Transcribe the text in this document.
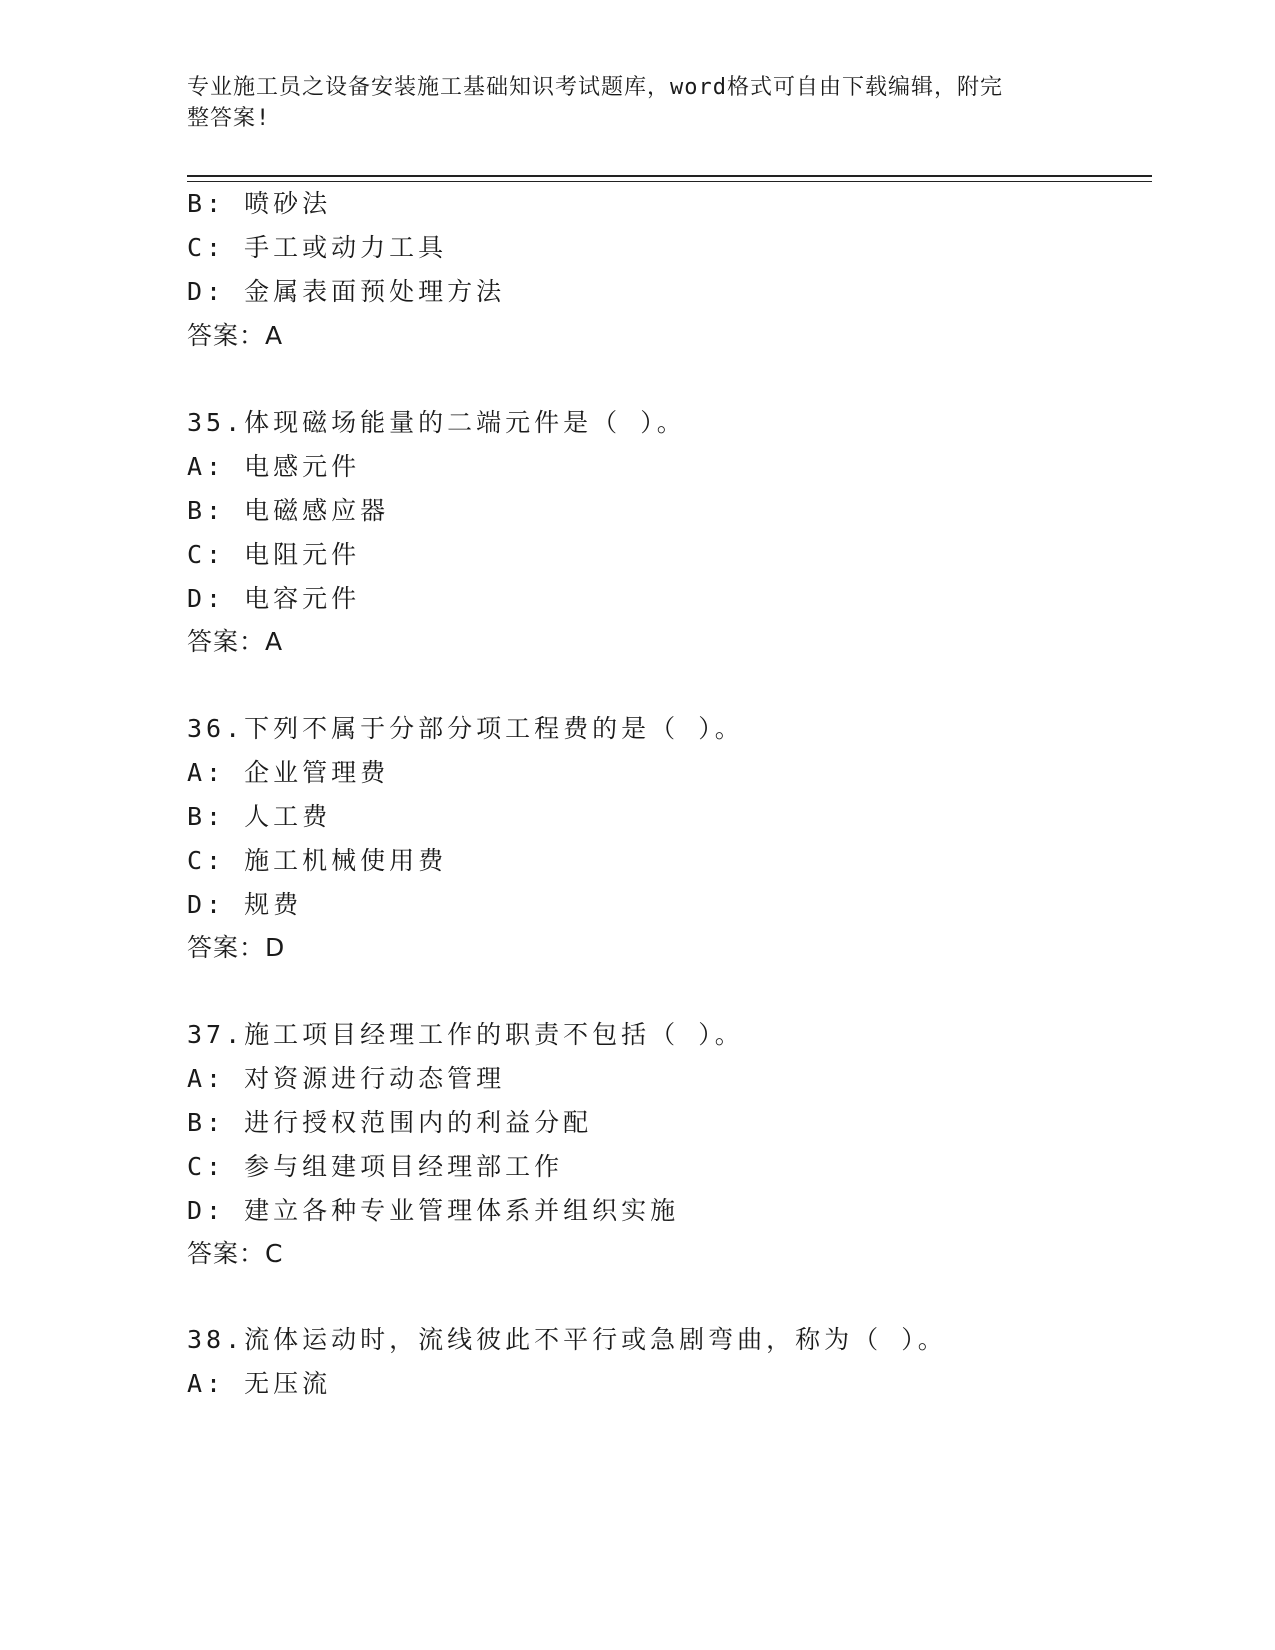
专业施工员之设备安装施工基础知识考试题库，word格式可自由下载编辑，附完
整答案!
B: 喷砂法
C: 手工或动力工具
D: 金属表面预处理方法
答案：A
35.体现磁场能量的二端元件是（ ）。
A: 电感元件
B: 电磁感应器
C: 电阻元件
D: 电容元件
答案：A
36.下列不属于分部分项工程费的是（ ）。
A: 企业管理费
B: 人工费
C: 施工机械使用费
D: 规费
答案：D
37.施工项目经理工作的职责不包括（ ）。
A: 对资源进行动态管理
B: 进行授权范围内的利益分配
C: 参与组建项目经理部工作
D: 建立各种专业管理体系并组织实施
答案：C
38.流体运动时，流线彼此不平行或急剧弯曲，称为（ ）。
A: 无压流
